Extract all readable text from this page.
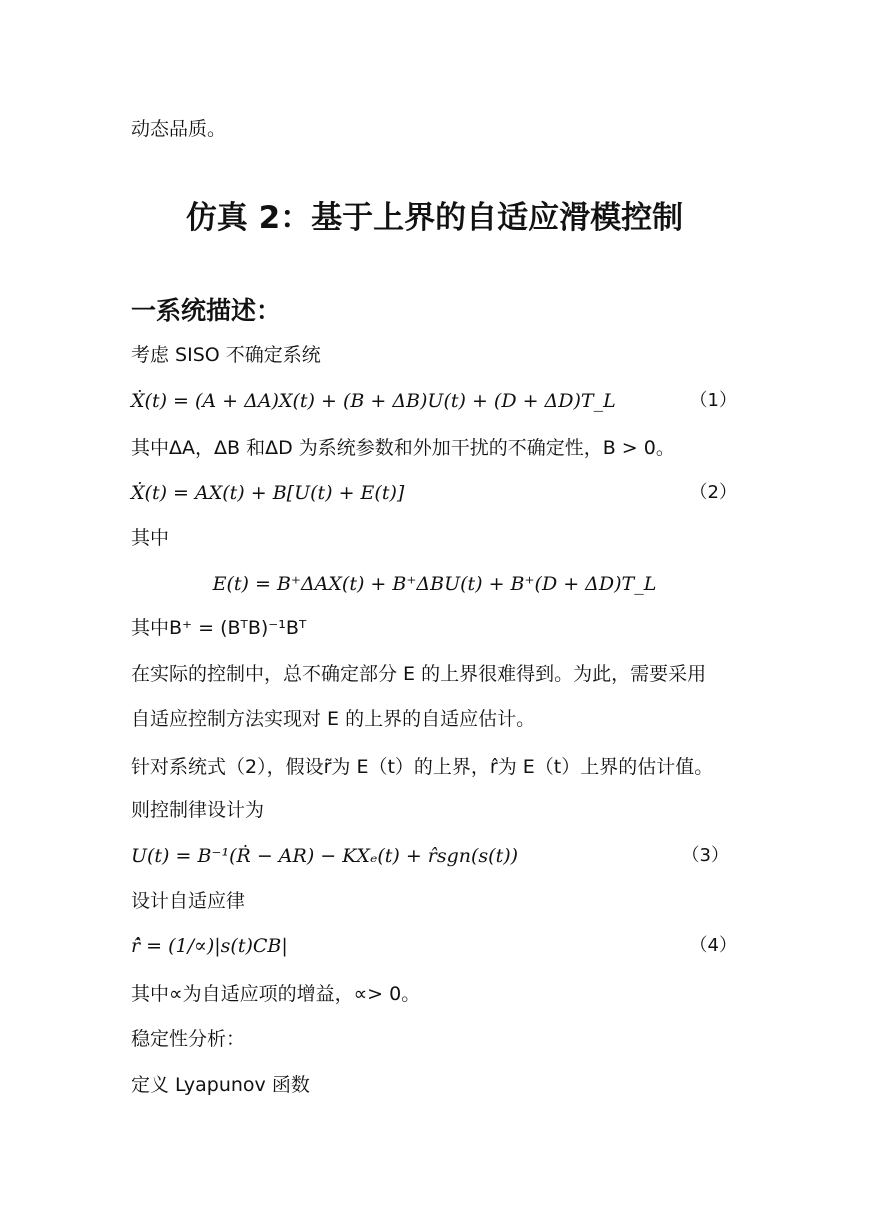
动态品质。
仿真 2：基于上界的自适应滑模控制
一系统描述：
考虑 SISO 不确定系统
Ẋ(t) = (A + ΔA)X(t) + (B + ΔB)U(t) + (D + ΔD)T_L	（1）
其中ΔA，ΔB 和ΔD 为系统参数和外加干扰的不确定性，B > 0。
Ẋ(t) = AX(t) + B[U(t) + E(t)]	（2）
其中
E(t) = B⁺ΔAX(t) + B⁺ΔBU(t) + B⁺(D + ΔD)T_L
其中B⁺ = (BᵀB)⁻¹Bᵀ
在实际的控制中，总不确定部分 E 的上界很难得到。为此，需要采用
自适应控制方法实现对 E 的上界的自适应估计。
针对系统式（2），假设r̃为 E（t）的上界，r̂为 E（t）上界的估计值。
则控制律设计为
U(t) = B⁻¹(Ṙ − AR) − KXₑ(t) + r̂sgn(s(t))	（3）
设计自适应律
r̂̇ = (1/∝)|s(t)CB|	（4）
其中∝为自适应项的增益，∝> 0。
稳定性分析：
定义 Lyapunov 函数
